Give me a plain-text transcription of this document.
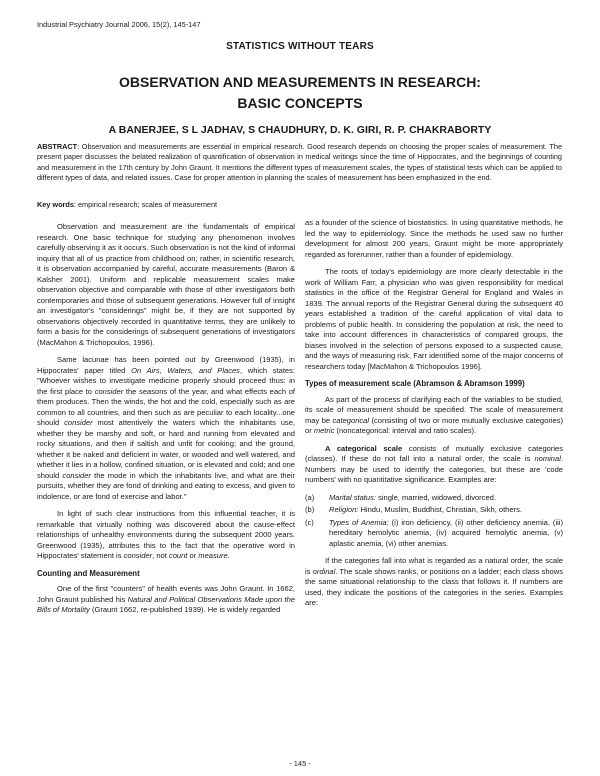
Industrial Psychiatry Journal 2006, 15(2), 145-147
STATISTICS WITHOUT TEARS
OBSERVATION AND MEASUREMENTS IN RESEARCH:
BASIC CONCEPTS
A BANERJEE, S L JADHAV, S CHAUDHURY, D. K. GIRI, R. P. CHAKRABORTY
ABSTRACT: Observation and measurements are essential in empirical research. Good research depends on choosing the proper scales of measurement. The present paper discusses the belated realization of quantification of observation in medical writings since the time of Hippocrates, and the beginnings of counting and measurement in the 17th century by John Graunt. It mentions the different types of measurement scales, the types of statistical tests which can be applied to different types of data, and related issues. Case for proper attention in planning the scales of measurement has been emphasized in the end.
Key words: empirical research; scales of measurement

Observation and measurement are the fundamentals of empirical research. One basic technique for studying any phenomenon involves carefully observing it as it occurs. Such observation is not the kind of informal inquiry that all of us practice from childhood on; rather, in scientific research, it is observation accompanied by careful, accurate measurements (Baron & Kalsher 2001). Uniform and replicable measurement scales make observation objective and comparable with those of other investigators both contemporaries and those of subsequent generations. However full of insight an investigator's "considerings" might be, if they are not supported by observations objectively recorded in quantitative terms, they are unlikely to form a basis for the considerings of subsequent generations of investigators (MacMahon & Trichopoulos, 1996).

Same lacunae has been pointed out by Greenwood (1935), in Hippocrates' paper titled On Airs, Waters, and Places, which states: "Whoever wishes to investigate medicine properly should proceed thus: in the first place to consider the seasons of the year, and what effects each of them produces. Then the winds, the hot and the cold, especially such as are common to all countries, and then such as are peculiar to each locality...one should consider most attentively the waters which the inhabitants use, whether they be marshy and soft, or hard and running from elevated and rocky situations, and then if saltish and unfit for cooking; and the ground, whether it be naked and deficient in water, or wooded and well watered, and whether it lies in a hollow, confined situation, or is elevated and cold; and one should consider the mode in which the inhabitants live, and what are their pursuits, whether they are fond of drinking and eating to excess, and given to indolence, or are fond of exercise and labor."

In light of such clear instructions from this influential teacher, it is remarkable that virtually nothing was discovered about the cause-effect relationships of unhealthy environments during the subsequent 2000 years. Greenwood (1935), attributes this to the fact that the operative word in Hippocrates' statement is consider, not count or measure.

Counting and Measurement

One of the first "counters" of health events was John Graunt. In 1662, John Graunt published his Natural and Political Observations Made upon the Bills of Mortality (Graunt 1662, re-published 1939). He is widely regarded

as a founder of the science of biostatistics. In using quantitative methods, he led the way to epidemiology. Since the methods he used saw no further development for almost 200 years, Graunt might be more appropriately regarded as forerunner, rather than a founder of epidemiology.

The roots of today's epidemiology are more clearly detectable in the work of William Farr, a physician who was given responsibility for medical statistics in the office of the Registrar General for England and Wales in 1839. The annual reports of the Registrar General during the subsequent 40 years established a tradition of the careful application of vital data to problems of public health. In considering the population at risk, the need to take into account differences in characteristics of compared groups, the biases involved in the selection of persons exposed to a suspected cause, and the ways of measuring risk, Farr identified some of the major concerns of researchers today [MacMahon & Trichopoulos 1996].

Types of measurement scale (Abramson & Abramson 1999)

As part of the process of clarifying each of the variables to be studied, its scale of measurement should be specified. The scale of measurement may be categorical (consisting of two or more mutually exclusive categories) or metric (noncategorical: interval and ratio scales).

A categorical scale consists of mutually exclusive categories (classes). If these do not fall into a natural order, the scale is nominal. Numbers may be used to identify the categories, but these are 'code numbers' with no quantitative significance. Examples are:

(a)	Marital status: single, married, widowed, divorced.
(b)	Religion: Hindu, Muslim, Buddhist, Christian, Sikh, others.
(c)	Types of Anemia: (i) iron deficiency, (ii) other deficiency anemia, (iii) hereditary hemolytic anemia, (iv) acquired hemolytic anemia, (v) aplastic anemia, (vi) other anemias.

If the categories fall into what is regarded as a natural order, the scale is ordinal. The scale shows ranks, or positions on a ladder; each class shows the same situational relationship to the class that follows it. If numbers are used, they indicate the positions of the categories in the series. Examples are:

- 145 -
